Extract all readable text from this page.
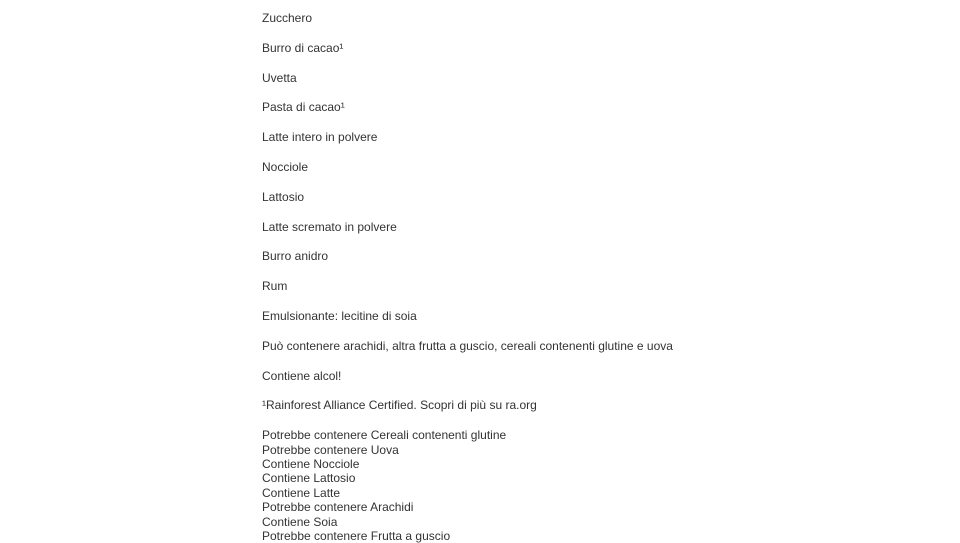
Zucchero

Burro di cacao¹

Uvetta

Pasta di cacao¹

Latte intero in polvere

Nocciole

Lattosio

Latte scremato in polvere

Burro anidro

Rum

Emulsionante: lecitine di soia

Può contenere arachidi, altra frutta a guscio, cereali contenenti glutine e uova

Contiene alcol!

¹Rainforest Alliance Certified. Scopri di più su ra.org

Potrebbe contenere Cereali contenenti glutine
Potrebbe contenere Uova
Contiene Nocciole
Contiene Lattosio
Contiene Latte
Potrebbe contenere Arachidi
Contiene Soia
Potrebbe contenere Frutta a guscio
